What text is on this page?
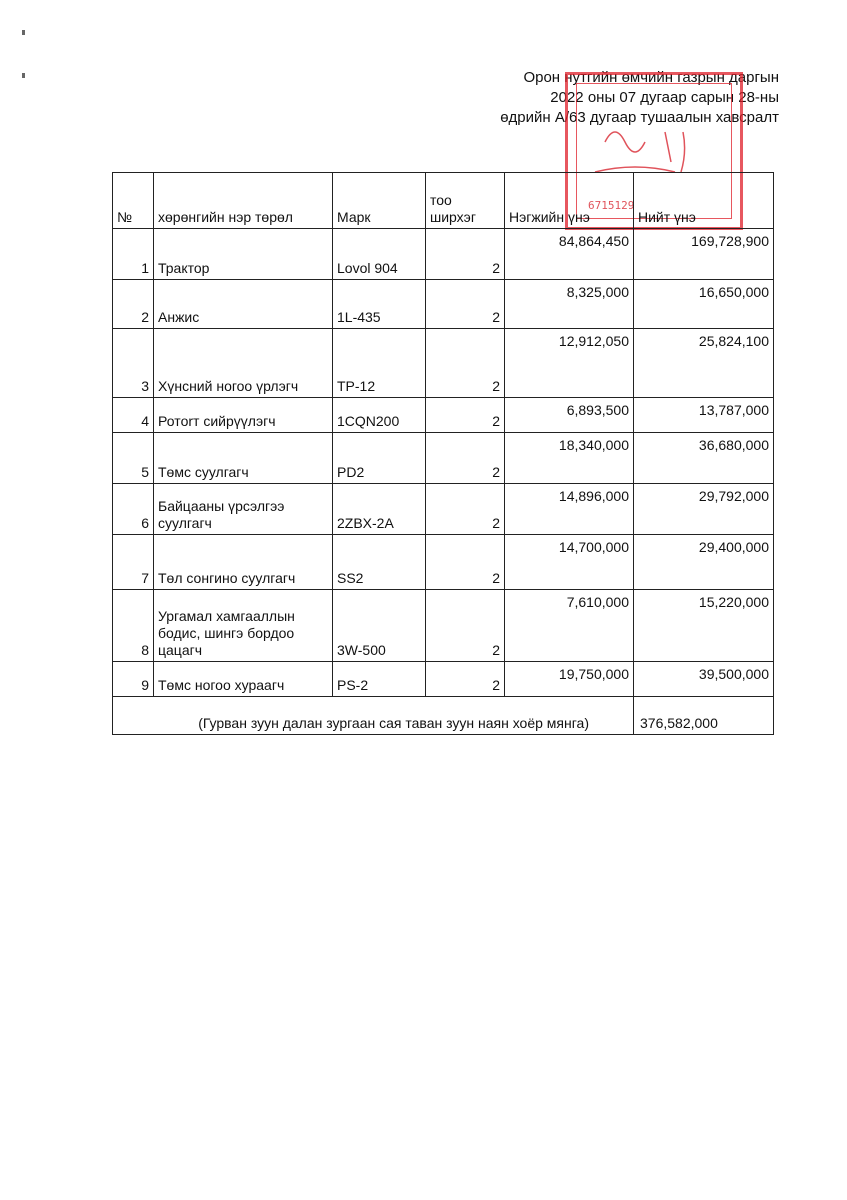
Орон нутгийн өмчийн газрын даргын
2022 оны 07 дугаар сарын 28-ны
өдрийн A/63 дугаар тушаалын хавсралт
6715129
№	хөрөнгийн нэр төрөл	Марк	тоо ширхэг	Нэгжийн үнэ	Нийт үнэ
1	Трактор	Lovol 904	2	84,864,450	169,728,900
2	Анжис	1L-435	2	8,325,000	16,650,000
3	Хүнсний ногоо үрлэгч	TP-12	2	12,912,050	25,824,100
4	Ротorт сийрүүлэгч	1CQN200	2	6,893,500	13,787,000
5	Төмс суулгагч	PD2	2	18,340,000	36,680,000
6	Байцааны үрсэлгээ суулгагч	2ZBX-2A	2	14,896,000	29,792,000
7	Төл сонгино суулгагч	SS2	2	14,700,000	29,400,000
8	Ургамал хамгааллын бодис, шингэ бордоо цацагч	3W-500	2	7,610,000	15,220,000
9	Төмс ногоо хураагч	PS-2	2	19,750,000	39,500,000
(Гурван зуун далан зургаан сая таван зуун наян хоёр мянга)					376,582,000
